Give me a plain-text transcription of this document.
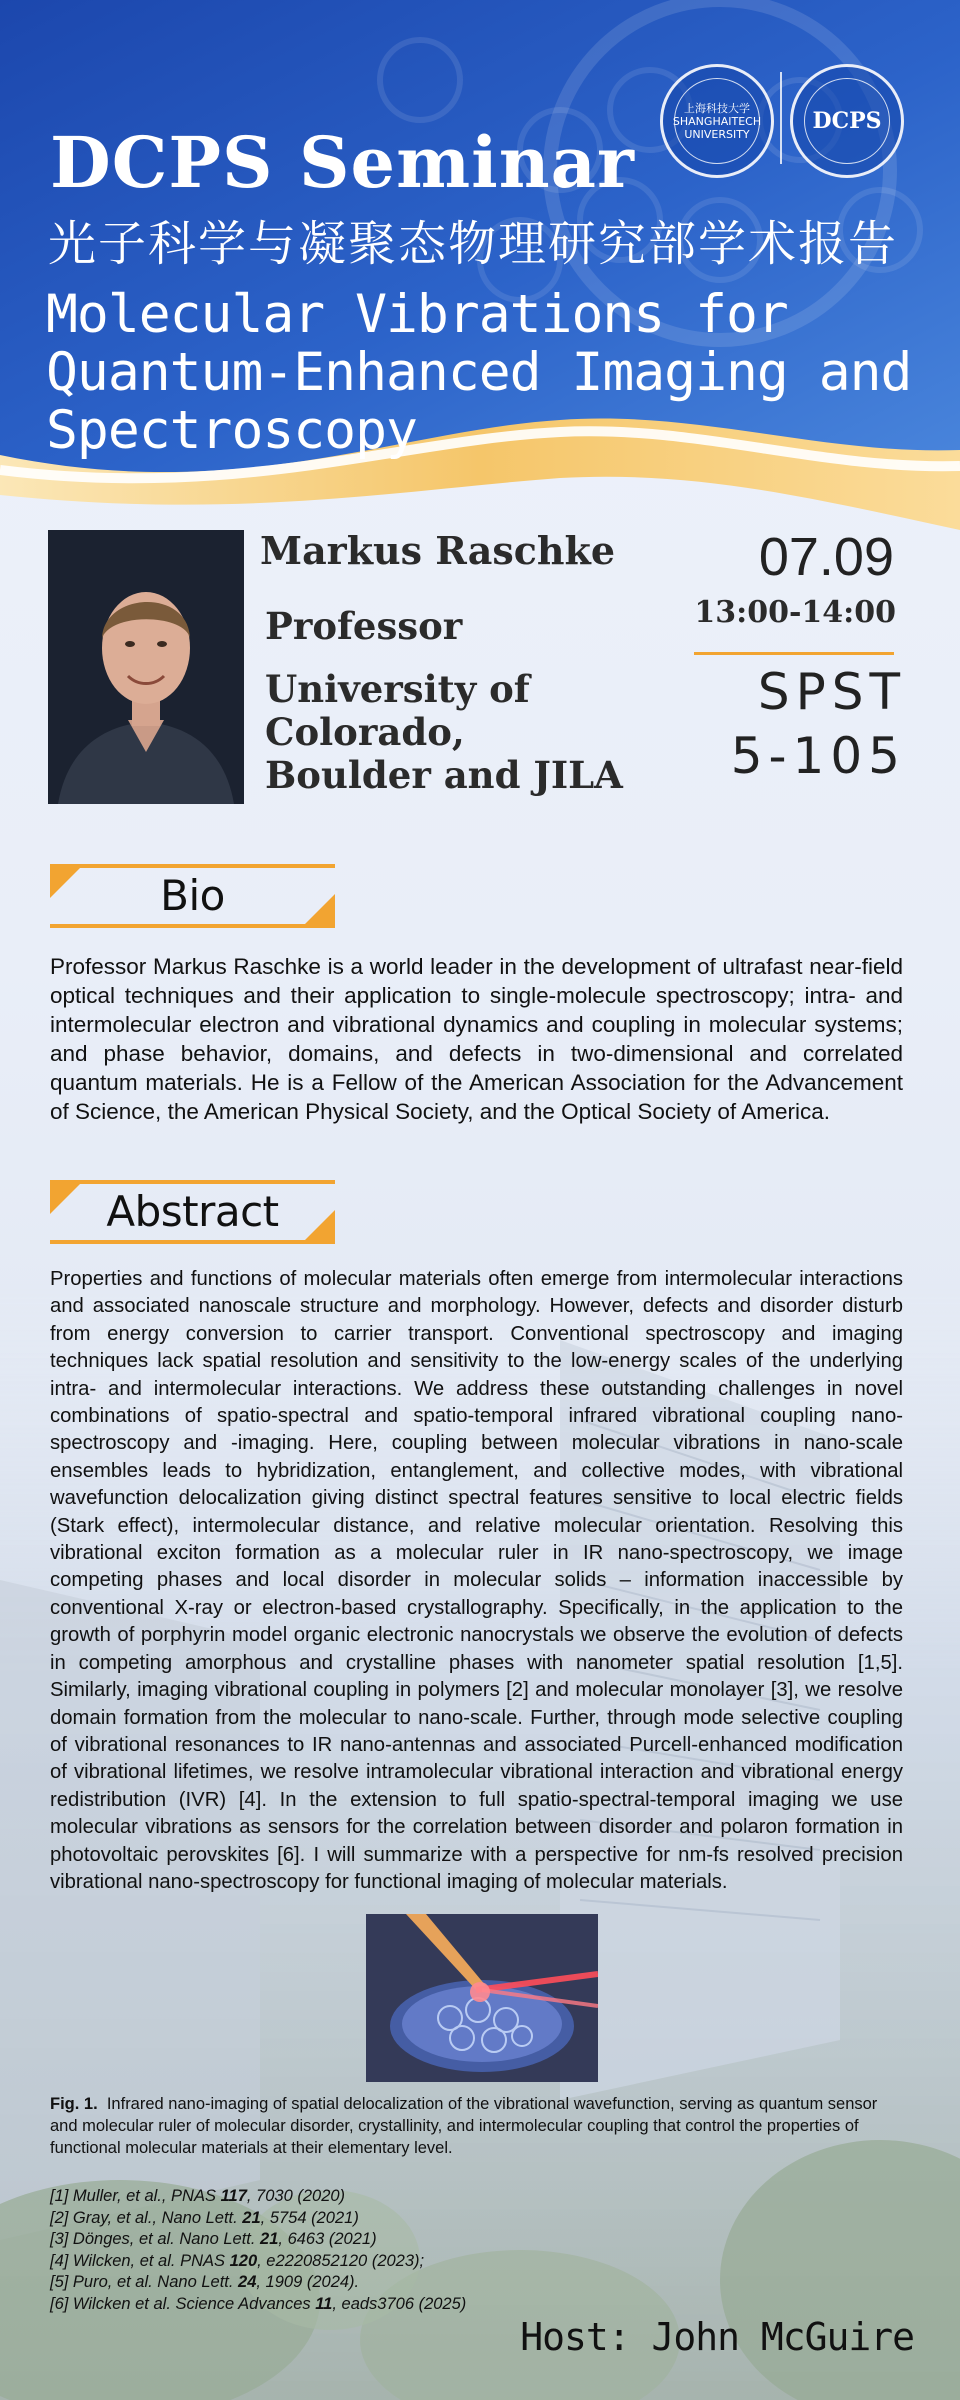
上海科技大学 SHANGHAITECH UNIVERSITY	DCPS
DCPS Seminar
光子科学与凝聚态物理研究部学术报告
Molecular Vibrations for Quantum-Enhanced Imaging and Spectroscopy
Markus Raschke
Professor
University of
Colorado,
Boulder and JILA
07.09
13:00-14:00
SPST
5-105
Bio
Professor Markus Raschke is a world leader in the development of ultrafast near-field optical techniques and their application to single-molecule spectroscopy; intra- and intermolecular electron and vibrational dynamics and coupling in molecular systems; and phase behavior, domains, and defects in two-dimensional and correlated quantum materials. He is a Fellow of the American Association for the Advancement of Science, the American Physical Society, and the Optical Society of America.
Abstract
Properties and functions of molecular materials often emerge from intermolecular interactions and associated nanoscale structure and morphology. However, defects and disorder disturb from energy conversion to carrier transport. Conventional spectroscopy and imaging techniques lack spatial resolution and sensitivity to the low-energy scales of the underlying intra- and intermolecular interactions. We address these outstanding challenges in novel combinations of spatio-spectral and spatio-temporal infrared vibrational coupling nano-spectroscopy and -imaging. Here, coupling between molecular vibrations in nano-scale ensembles leads to hybridization, entanglement, and collective modes, with vibrational wavefunction delocalization giving distinct spectral features sensitive to local electric fields (Stark effect), intermolecular distance, and relative molecular orientation. Resolving this vibrational exciton formation as a molecular ruler in IR nano-spectroscopy, we image competing phases and local disorder in molecular solids – information inaccessible by conventional X-ray or electron-based crystallography. Specifically, in the application to the growth of porphyrin model organic electronic nanocrystals we observe the evolution of defects in competing amorphous and crystalline phases with nanometer spatial resolution [1,5]. Similarly, imaging vibrational coupling in polymers [2] and molecular monolayer [3], we resolve domain formation from the molecular to nano-scale. Further, through mode selective coupling of vibrational resonances to IR nano-antennas and associated Purcell-enhanced modification of vibrational lifetimes, we resolve intramolecular vibrational interaction and vibrational energy redistribution (IVR) [4]. In the extension to full spatio-spectral-temporal imaging we use molecular vibrations as sensors for the correlation between disorder and polaron formation in photovoltaic perovskites [6]. I will summarize with a perspective for nm-fs resolved precision vibrational nano-spectroscopy for functional imaging of molecular materials.
Fig. 1. Infrared nano-imaging of spatial delocalization of the vibrational wavefunction, serving as quantum sensor and molecular ruler of molecular disorder, crystallinity, and intermolecular coupling that control the properties of functional molecular materials at their elementary level.
[1] Muller, et al., PNAS 117, 7030 (2020)
[2] Gray, et al., Nano Lett. 21, 5754 (2021)
[3] Dönges, et al. Nano Lett. 21, 6463 (2021)
[4] Wilcken, et al. PNAS 120, e2220852120 (2023);
[5] Puro, et al. Nano Lett. 24, 1909 (2024).
[6] Wilcken et al. Science Advances 11, eads3706 (2025)
Host: John McGuire
